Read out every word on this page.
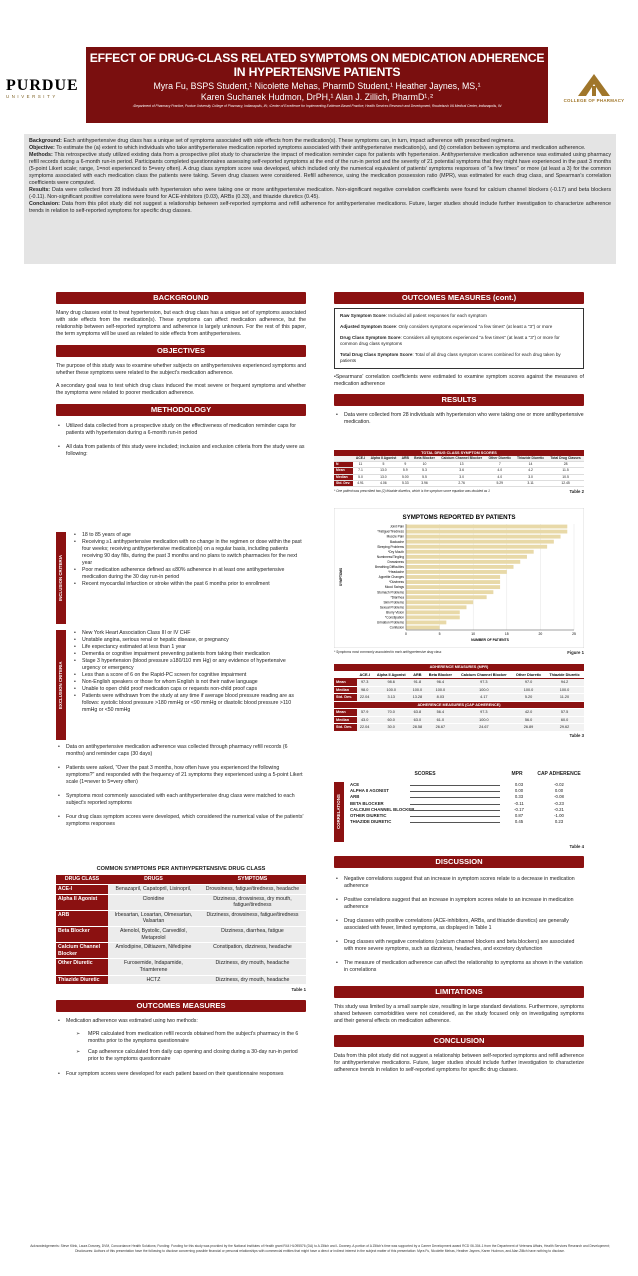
PURDUE
UNIVERSITY
EFFECT OF DRUG-CLASS RELATED SYMPTOMS ON MEDICATION ADHERENCE IN HYPERTENSIVE PATIENTS
Myra Fu, BSPS Student,¹ Nicolette Mehas, PharmD Student,¹ Heather Jaynes, MS,¹
Karen Suchanek Hudmon, DrPH,¹ Alan J. Zillich, PharmD¹˒²
¹Department of Pharmacy Practice, Purdue University College of Pharmacy, Indianapolis, IN; ²Center of Excellence for Implementing Evidence-Based Practice, Health Services Research and Development, Roudebush VA Medical Center, Indianapolis, IN
COLLEGE OF PHARMACY

Background: Each antihypertensive drug class has a unique set of symptoms associated with side effects from the medication(s). These symptoms can, in turn, impact adherence with prescribed regimens.

Objective: To estimate the (a) extent to which individuals who take antihypertensive medication reported symptoms associated with their antihypertensive medication(s), and (b) correlation between symptoms and medication adherence.

Methods: This retrospective study utilized existing data from a prospective pilot study to characterize the impact of medication reminder caps for patients with hypertension. Antihypertensive medication adherence was estimated using pharmacy refill records during a 6-month run-in period. Participants completed questionnaires assessing self-reported symptoms at the end of the run-in period and the severity of 21 potential symptoms that they might have experienced in the past 3 months (5-point Likert scale; range, 1=not experienced to 5=very often). A drug class symptom score was developed, which included only the numerical equivalent of patients' symptoms responses of "a few times" or more (at least a 3) for the common symptoms associated with each medication class the patients were taking. Seven drug classes were considered. Refill adherence, using the medication possession ratio (MPR), was estimated for each drug class, and Spearman's correlation coefficients were computed.

Results: Data were collected from 28 individuals with hypertension who were taking one or more antihypertensive medication. Non-significant negative correlation coefficients were found for calcium channel blockers (-0.17) and beta blockers (-0.11). Non-significant positive correlations were found for ACE-inhibitors (0.03), ARBs (0.33), and thiazide diuretics (0.45).

Conclusion: Data from this pilot study did not suggest a relationship between self-reported symptoms and refill adherence for antihypertensive medications. Future, larger studies should include further investigation to characterize adherence trends in relation to self-reported symptoms for specific drug classes.

BACKGROUND

Many drug classes exist to treat hypertension, but each drug class has a unique set of symptoms associated with side effects from the medication(s). These symptoms can affect medication adherence, but the relationship between self-reported symptoms and adherence is largely unknown. For the rest of this paper, the term symptoms will be used as related to side effects from antihypertensives.

OBJECTIVES

The purpose of this study was to examine whether subjects on antihypertensives experienced symptoms and whether these symptoms were related to the subject's medication adherence.

A secondary goal was to test which drug class induced the most severe or frequent symptoms and whether the symptoms were related to poorer medication adherence.

METHODOLOGY
• Utilized data collected from a prospective study on the effectiveness of medication reminder caps for patients with hypertension during a 6-month run-in period
• All data from patients of this study were included; inclusion and exclusion criteria from the study were as following:
INCLUSION CRITERIA
• 18 to 85 years of age
• Receiving ≥1 antihypertensive medication with no change in the regimen or dose within the past four weeks; receiving antihypertensive medication(s) on a regular basis, including patients receiving 90 day fills, during the past 3 months and no plans to switch pharmacies for the next year
• Poor medication adherence defined as ≤80% adherence in at least one antihypertensive medication during the 30 day run-in period
• Recent myocardial infarction or stroke within the past 6 months prior to enrollment
EXCLUSION CRITERIA
• New York Heart Association Class III or IV CHF
• Unstable angina, serious renal or hepatic disease, or pregnancy
• Life expectancy estimated at less than 1 year
• Dementia or cognitive impairment preventing patients from taking their medication
• Stage 3 hypertension (blood pressure ≥180/110 mm Hg) or any evidence of hypertensive urgency or emergency
• Less than a score of 6 on the Rapid-PC screen for cognitive impairment
• Non-English speakers or those for whom English is not their native language
• Unable to open child proof medication caps or requests non-child proof caps
• Patients were withdrawn from the study at any time if average blood pressure reading are as follows: systolic blood pressure >180 mmHg or <90 mmHg or diastolic blood pressure >110 mmHg or <50 mmHg
• Data on antihypertensive medication adherence was collected through pharmacy refill records (6 months) and reminder caps (30 days)
• Patients were asked, "Over the past 3 months, how often have you experienced the following symptoms?" and responded with the frequency of 21 symptoms they experienced using a 5-point Likert scale (1=never to 5=very often)
• Symptoms most commonly associated with each antihypertensive drug class were matched to each subject's reported symptoms
• Four drug class symptom scores were developed, which considered the numerical value of the patients' symptoms responses
COMMON SYMPTOMS PER ANTIHYPERTENSIVE DRUG CLASS
DRUG CLASS	DRUGS	SYMPTOMS
ACE-I	Benazapril, Capatopril, Lisinopril,	Drowsiness, fatigue/tiredness, headache
Alpha II Agonist	Clonidine	Dizziness, drowsiness, dry mouth, fatigue/tiredness
ARB	Irbesartan, Losartan, Olmesartan, Valsartan	Dizziness, drowsiness, fatigue/tiredness
Beta Blocker	Atenolol, Bystolic, Carvedilol, Metaprolol	Dizziness, diarrhea, fatigue
Calcium Channel Blocker	Amlodipine, Diltiazem, Nifedipine	Constipation, dizziness, headache
Other Diuretic	Furosemide, Indapamide, Triamterene	Dizziness, dry mouth, headache
Thiazide Diuretic	HCTZ	Dizziness, dry mouth, headache
Table 1
OUTCOMES MEASURES
• Medication adherence was estimated using two methods:
➢ MPR calculated from medication refill records obtained from the subject's pharmacy in the 6 months prior to the symptoms questionnaire
➢ Cap adherence calculated from daily cap opening and closing during a 30-day run-in period prior to the symptoms questionnaire
• Four symptom scores were developed for each patient based on their questionnaire responses
OUTCOMES MEASURES (cont.)

Raw Symptom Score: Included all patient responses for each symptom

Adjusted Symptom Score: Only considers symptoms experienced "a few times" (at least a "3") or more

Drug Class Symptom Score: Considers all symptoms experienced "a few times" (at least a "3") or more for common drug class symptoms

Total Drug Class Symptom Score: Total of all drug class symptom scores combined for each drug taken by patients

•Spearmans' correlation coefficients were estimated to examine symptom scores against the measures of medication adherence

RESULTS
• Data were collected from 28 individuals with hypertension who were taking one or more antihypertensive medication.
TOTAL DRUG CLASS SYMPTOM SCORES
	ACE-I	Alpha II Agonist	ARB	Beta Blocker	Calcium Channel Blocker	Other Diuretic	Thiazide Diuretic	Total Drug Classes
N	11	5	9	10	13	7	14	28
Mean	7.1	13.0	5.9	5.3	3.6	4.0	4.2	11.5
Median	5.0	13.0	5.00	5.5	3.0	4.0	3.0	10.5
Std. Dev.	4.91	4.06	5.33	3.96	2.76	5.29	3.11	12.45
* One patient was prescribed two (2) thiazide diuretics, which is the symptom score equation was doubled as 1	Table 2
SYMPTOMS REPORTED BY PATIENTS
0	5	10	15	20	25
Joint Pain
*Fatigue/Tiredness
Muscle Pain
Backache
Sleeping Problems
*Dry Mouth
Numbness/Tingling
Drowsiness
Breathing Difficulties
*Headache
Appetite Changes
*Dizziness
Mood Swings
Stomach Problems
*Diarrhea
Skin Problems
Sexual Problems
Blurry Vision
*Constipation
Urination Problems
Confusion
NUMBER OF PATIENTS
SYMPTOMS
* Symptoms most commonly associated to each antihypertensive drug class	Figure 1
ADHERENCE MEASURES (MPR)							
	ACE-I	Alpha II Agonist	ARB	Beta Blocker	Calcium Channel Blocker	Other Diuretic	Thiazide Diuretic
Mean	97.3	98.6	91.8	96.4	97.3	97.0	94.2
Median	98.0	100.0	100.0	100.0	100.0	100.0	100.0
Std. Dev.	22.04	3.13	13.28	8.03	4.17	5.20	11.20
ADHERENCE MEASURES (CAP ADHERENCE)							
Mean	57.9	70.0	63.8	56.4	97.3	42.0	57.5
Median	43.0	60.0	63.0	61.0	100.0	56.0	60.0
Std. Dev.	22.04	30.0	28.58	26.67	24.67	26.89	29.62
Table 3
CORRELATIONS
SCORES	MPR	CAP ADHERENCE
ACE	0.03	-0.02
ALPHA II AGONIST	0.00	0.00
ARB	0.33	-0.08
BETA BLOCKER	-0.11	-0.23
CALCIUM CHANNEL BLOCKER	-0.17	-0.21
OTHER DIURETIC	0.87	-1.00
THIAZIDE DIURETIC	0.45	0.23
Table 4
DISCUSSION
• Negative correlations suggest that an increase in symptom scores relate to a decrease in medication adherence
• Positive correlations suggest that an increase in symptom scores relate to an increase in medication adherence
• Drug classes with positive correlations (ACE-inhibitors, ARBs, and thiazide diuretics) are generally associated with fewer, limited symptoms, as displayed in Table 1
• Drug classes with negative correlations (calcium channel blockers and beta blockers) are associated with more severe symptoms, such as dizziness, headaches, and excretory dysfunction
• The measure of medication adherence can affect the relationship to symptoms as shown in the variation in correlations
LIMITATIONS

This study was limited by a small sample size, resulting in large standard deviations. Furthermore, symptoms shared between comorbidities were not considered, as the study focused only on investigating symptoms and their general effects on medication adherence.

CONCLUSION

Data from this pilot study did not suggest a relationship between self-reported symptoms and refill adherence for antihypertensive medications. Future, larger studies should include further investigation to characterize adherence trends in relation to self-reported symptoms for specific drug classes.

Acknowledgements: Steve Klink, Laura Downey, DVM, Concordance Health Solutions; Funding: Funding for this study was provided by the National Institutes of Health grant R44 HL095576 (DA) to A Zillich and L Downey. A portion of A Zillich's time was supported by a Career Development award RCD 06-304-1 from the Department of Veterans Affairs, Health Services Research and Development; Disclosures: Authors of this presentation have the following to disclose concerning possible financial or personal relationships with commercial entities that might have a direct or indirect interest in the subject matter of this presentation: Myra Fu, Nicolette Mehas, Heather Jaynes, Karen Hudmon, and Alan Zillich have nothing to disclose.
